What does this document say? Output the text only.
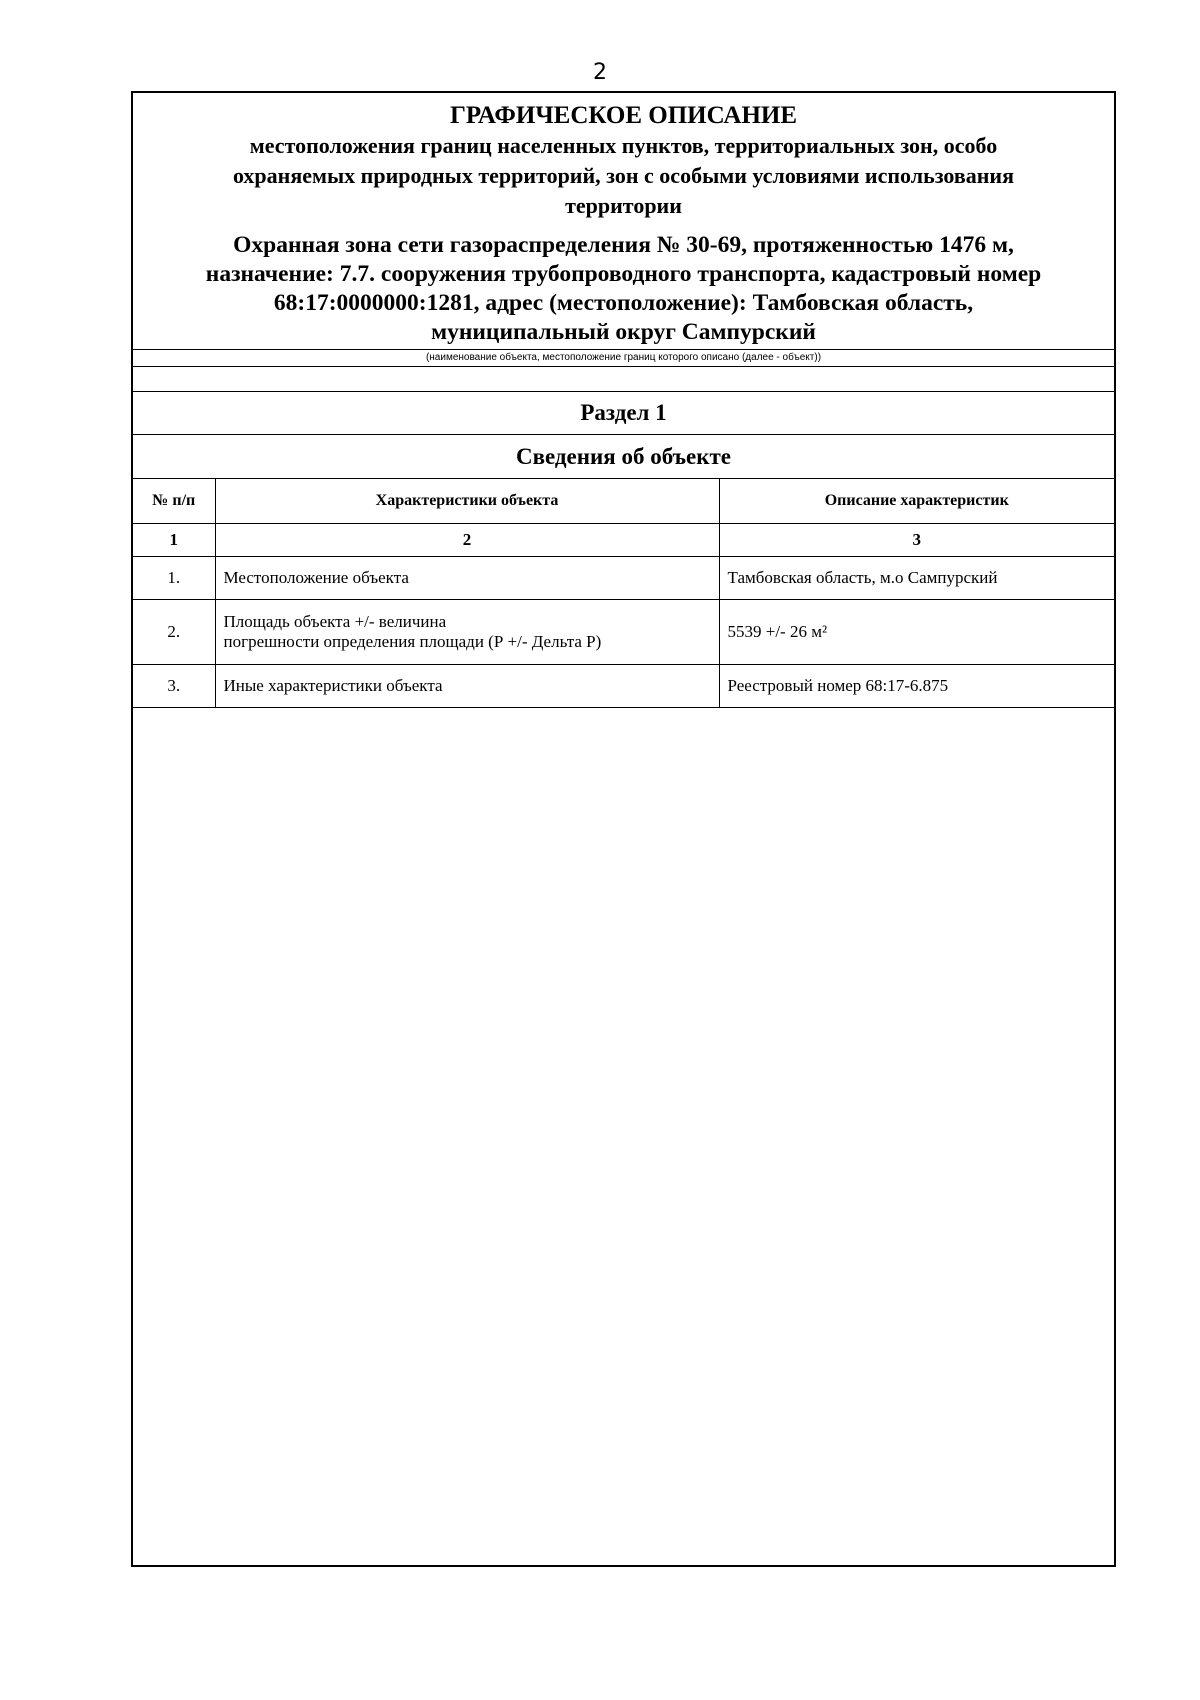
2
ГРАФИЧЕСКОЕ ОПИСАНИЕ
местоположения границ населенных пунктов, территориальных зон, особо
охраняемых природных территорий, зон с особыми условиями использования
территории
Охранная зона сети газораспределения № 30-69, протяженностью 1476 м,
назначение: 7.7. сооружения трубопроводного транспорта, кадастровый номер
68:17:0000000:1281, адрес (местоположение): Тамбовская область,
муниципальный округ Сампурский
(наименование объекта, местоположение границ которого описано (далее - объект))
Раздел 1
Сведения об объекте
№ п/п	Характеристики объекта	Описание характеристик
1	2	3
1.	Местоположение объекта	Тамбовская область, м.о Сампурский
2.	Площадь объекта +/- величина
погрешности определения площади (Р +/- Дельта Р)	5539 +/- 26 м²
3.	Иные характеристики объекта	Реестровый номер 68:17-6.875
